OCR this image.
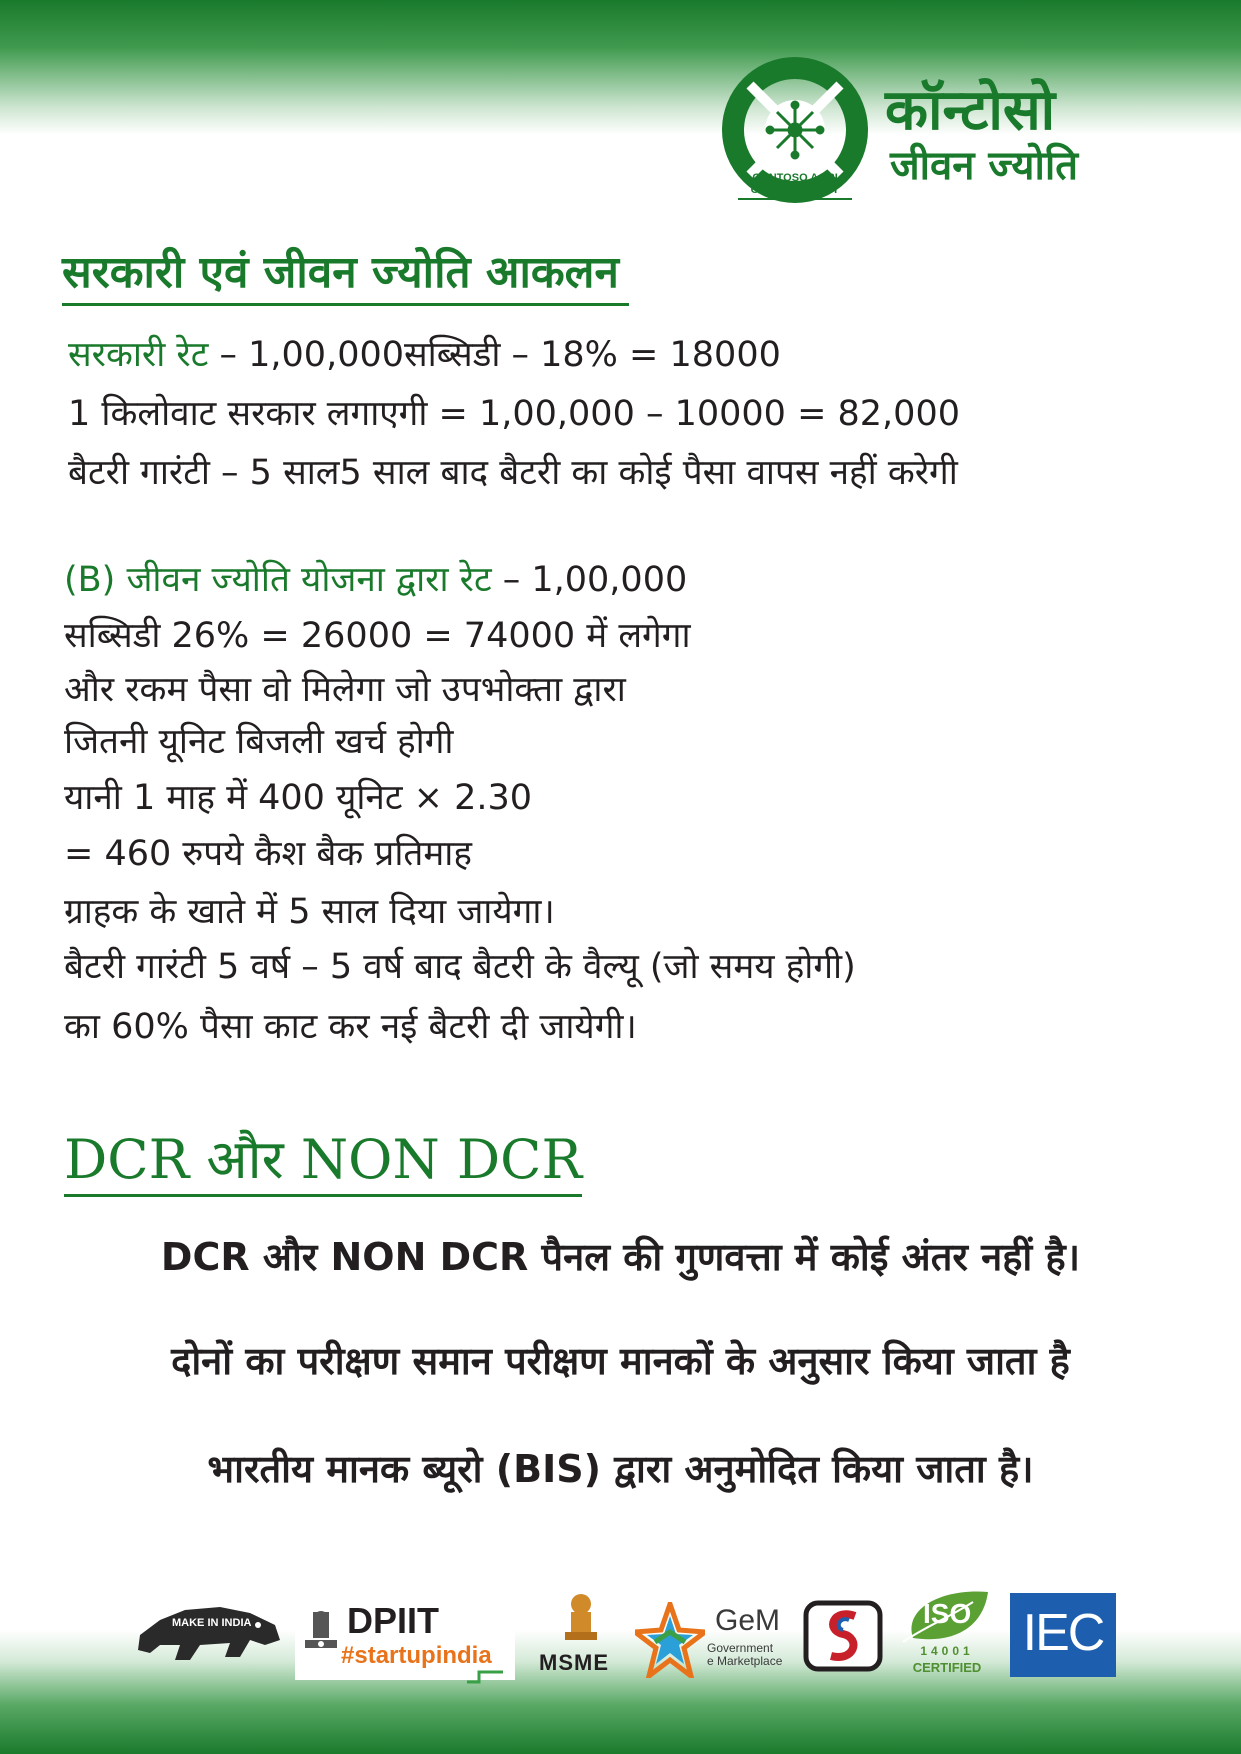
CONTOSO AGRI
GREEN ENERGY
कॉन्टोसो
जीवन ज्योति
सरकारी एवं जीवन ज्योति आकलन
सरकारी रेट – 1,00,000सब्सिडी – 18% = 18000
1 किलोवाट सरकार लगाएगी = 1,00,000 – 10000 = 82,000
बैटरी गारंटी – 5 साल5 साल बाद बैटरी का कोई पैसा वापस नहीं करेगी
(B) जीवन ज्योति योजना द्वारा रेट – 1,00,000
सब्सिडी 26% = 26000 = 74000 में लगेगा
और रकम पैसा वो मिलेगा जो उपभोक्ता द्वारा
जितनी यूनिट बिजली खर्च होगी
यानी 1 माह में 400 यूनिट × 2.30
= 460 रुपये कैश बैक प्रतिमाह
ग्राहक के खाते में 5 साल दिया जायेगा।
बैटरी गारंटी 5 वर्ष – 5 वर्ष बाद बैटरी के वैल्यू (जो समय होगी)
का 60% पैसा काट कर नई बैटरी दी जायेगी।
DCR और NON DCR
DCR और NON DCR पैनल की गुणवत्ता में कोई अंतर नहीं है।
दोनों का परीक्षण समान परीक्षण मानकों के अनुसार किया जाता है
भारतीय मानक ब्यूरो (BIS) द्वारा अनुमोदित किया जाता है।
MAKE IN INDIA	DPIIT
#startupindia MSME
GeM
Government
e Marketplace
ISO
14001
CERTIFIED
IEC
